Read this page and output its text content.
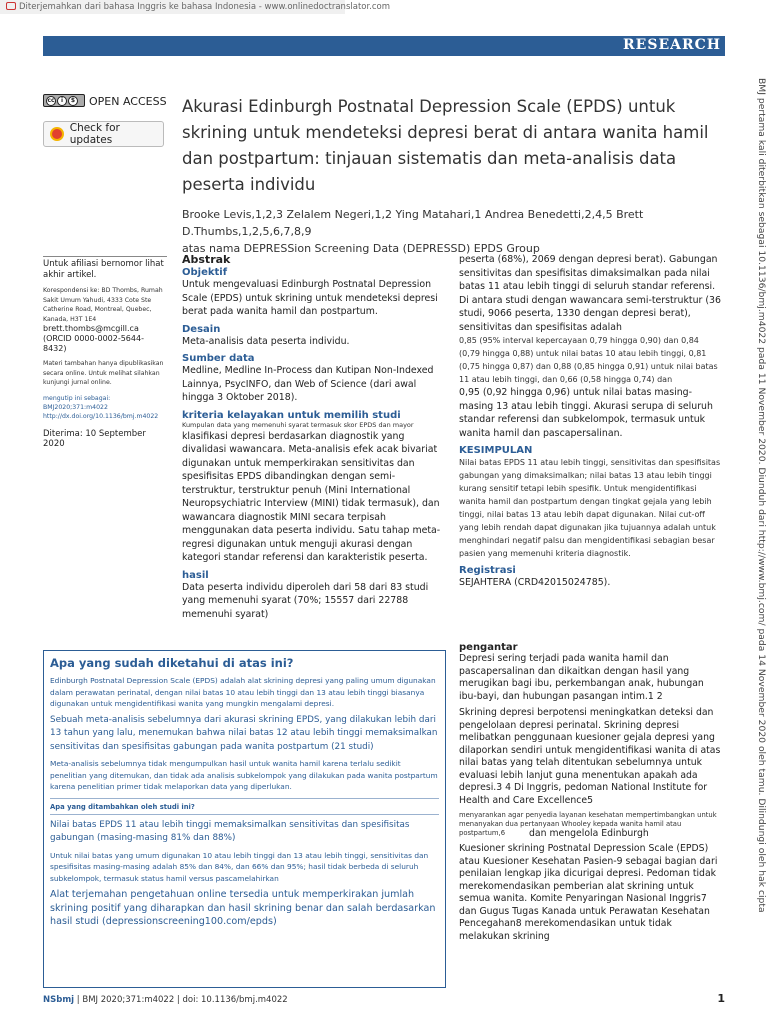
Diterjemahkan dari bahasa Inggris ke bahasa Indonesia - www.onlinedoctranslator.com
RESEARCH
cc	i	$ OPEN ACCESS
Check for updates
Akurasi Edinburgh Postnatal Depression Scale (EPDS) untuk skrining untuk mendeteksi depresi berat di antara wanita hamil dan postpartum: tinjauan sistematis dan meta-analisis data peserta individu
Brooke Levis,1,2,3 Zelalem Negeri,1,2 Ying Matahari,1 Andrea Benedetti,2,4,5 Brett D.Thumbs,1,2,5,6,7,8,9
atas nama DEPRESSion Screening Data (DEPRESSD) EPDS Group	BMJ pertama kali diterbitkan sebagai 10.1136/bmj.m4022 pada 11 November 2020. Diunduh dari http://www.bmj.com/ pada 14 November 2020 oleh tamu. Dilindungi oleh hak cipta
Untuk afiliasi bernomor lihat akhir artikel.
Korespondensi ke: BD Thombs, Rumah Sakit Umum Yahudi, 4333 Cote Ste Catherine Road, Montreal, Quebec, Kanada, H3T 1E4
brett.thombs@mcgill.ca
(ORCID 0000-0002-5644-8432)
Materi tambahan hanya dipublikasikan secara online. Untuk melihat silahkan kunjungi jurnal online.
mengutip ini sebagai: BMJ2020;371:m4022 http://dx.doi.org/10.1136/bmj.m4022
Diterima: 10 September 2020
Abstrak
Objektif
Untuk mengevaluasi Edinburgh Postnatal Depression Scale (EPDS) untuk skrining untuk mendeteksi depresi berat pada wanita hamil dan postpartum.
Desain
Meta-analisis data peserta individu.
Sumber data
Medline, Medline In-Process dan Kutipan Non-Indexed Lainnya, PsycINFO, dan Web of Science (dari awal hingga 3 Oktober 2018).
kriteria kelayakan untuk memilih studi
Kumpulan data yang memenuhi syarat termasuk skor EPDS dan mayor
klasifikasi depresi berdasarkan diagnostik yang divalidasi wawancara. Meta-analisis efek acak bivariat digunakan untuk memperkirakan sensitivitas dan spesifisitas EPDS dibandingkan dengan semi-terstruktur, terstruktur penuh (Mini International Neuropsychiatric Interview (MINI) tidak termasuk), dan wawancara diagnostik MINI secara terpisah menggunakan data peserta individu. Satu tahap meta-regresi digunakan untuk menguji akurasi dengan kategori standar referensi dan karakteristik peserta.
hasil
Data peserta individu diperoleh dari 58 dari 83 studi yang memenuhi syarat (70%; 15557 dari 22788 memenuhi syarat)
peserta (68%), 2069 dengan depresi berat). Gabungan sensitivitas dan spesifisitas dimaksimalkan pada nilai batas 11 atau lebih tinggi di seluruh standar referensi. Di antara studi dengan wawancara semi-terstruktur (36 studi, 9066 peserta, 1330 dengan depresi berat), sensitivitas dan spesifisitas adalah
0,85 (95% interval kepercayaan 0,79 hingga 0,90) dan 0,84 (0,79 hingga 0,88) untuk nilai batas 10 atau lebih tinggi, 0,81 (0,75 hingga 0,87) dan 0,88 (0,85 hingga 0,91) untuk nilai batas 11 atau lebih tinggi, dan 0,66 (0,58 hingga 0,74) dan
0,95 (0,92 hingga 0,96) untuk nilai batas masing-masing 13 atau lebih tinggi. Akurasi serupa di seluruh standar referensi dan subkelompok, termasuk untuk wanita hamil dan pascapersalinan.
KESIMPULAN
Nilai batas EPDS 11 atau lebih tinggi, sensitivitas dan spesifisitas gabungan yang dimaksimalkan; nilai batas 13 atau lebih tinggi kurang sensitif tetapi lebih spesifik. Untuk mengidentifikasi wanita hamil dan postpartum dengan tingkat gejala yang lebih tinggi, nilai batas 13 atau lebih dapat digunakan. Nilai cut-off yang lebih rendah dapat digunakan jika tujuannya adalah untuk menghindari negatif palsu dan mengidentifikasi sebagian besar pasien yang memenuhi kriteria diagnostik.
Registrasi
SEJAHTERA (CRD42015024785).
Apa yang sudah diketahui di atas ini?
Edinburgh Postnatal Depression Scale (EPDS) adalah alat skrining depresi yang paling umum digunakan dalam perawatan perinatal, dengan nilai batas 10 atau lebih tinggi dan 13 atau lebih tinggi biasanya digunakan untuk mengidentifikasi wanita yang mungkin mengalami depresi.
Sebuah meta-analisis sebelumnya dari akurasi skrining EPDS, yang dilakukan lebih dari 13 tahun yang lalu, menemukan bahwa nilai batas 12 atau lebih tinggi memaksimalkan sensitivitas dan spesifisitas gabungan pada wanita postpartum (21 studi)
Meta-analisis sebelumnya tidak mengumpulkan hasil untuk wanita hamil karena terlalu sedikit penelitian yang ditemukan, dan tidak ada analisis subkelompok yang dilakukan pada wanita postpartum karena penelitian primer tidak melaporkan data yang diperlukan.
Apa yang ditambahkan oleh studi ini?
Nilai batas EPDS 11 atau lebih tinggi memaksimalkan sensitivitas dan spesifisitas gabungan (masing-masing 81% dan 88%)
Untuk nilai batas yang umum digunakan 10 atau lebih tinggi dan 13 atau lebih tinggi, sensitivitas dan spesifisitas masing-masing adalah 85% dan 84%, dan 66% dan 95%; hasil tidak berbeda di seluruh subkelompok, termasuk status hamil versus pascamelahirkan
Alat terjemahan pengetahuan online tersedia untuk memperkirakan jumlah skrining positif yang diharapkan dan hasil skrining benar dan salah berdasarkan hasil studi (depressionscreening100.com/epds)
pengantar
Depresi sering terjadi pada wanita hamil dan pascapersalinan dan dikaitkan dengan hasil yang merugikan bagi ibu, perkembangan anak, hubungan ibu-bayi, dan hubungan pasangan intim.1 2
Skrining depresi berpotensi meningkatkan deteksi dan pengelolaan depresi perinatal. Skrining depresi melibatkan penggunaan kuesioner gejala depresi yang dilaporkan sendiri untuk mengidentifikasi wanita di atas nilai batas yang telah ditentukan sebelumnya untuk evaluasi lebih lanjut guna menentukan apakah ada depresi.3 4 Di Inggris, pedoman National Institute for Health and Care Excellence5
menyarankan agar penyedia layanan kesehatan mempertimbangkan untuk menanyakan dua pertanyaan Whooley kepada wanita hamil atau postpartum,6	dan mengelola Edinburgh
Kuesioner skrining Postnatal Depression Scale (EPDS) atau Kuesioner Kesehatan Pasien-9 sebagai bagian dari penilaian lengkap jika dicurigai depresi. Pedoman tidak merekomendasikan pemberian alat skrining untuk semua wanita. Komite Penyaringan Nasional Inggris7 dan Gugus Tugas Kanada untuk Perawatan Kesehatan Pencegahan8 merekomendasikan untuk tidak melakukan skrining
NSbmj | BMJ 2020;371:m4022 | doi: 10.1136/bmj.m4022	1
